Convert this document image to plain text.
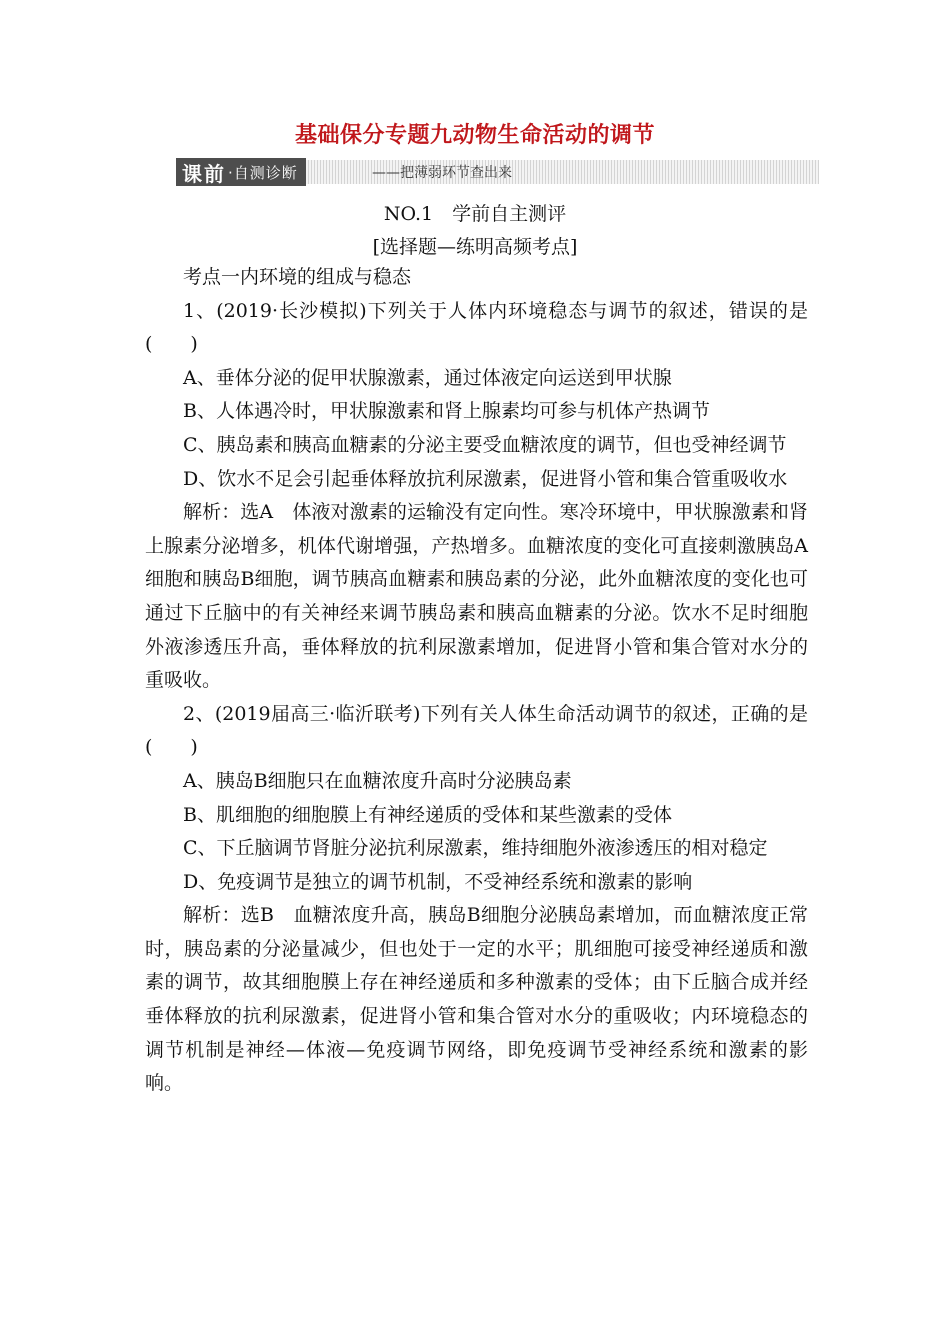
基础保分专题九动物生命活动的调节
课前 ·自测诊断	——把薄弱环节查出来
NO.1　学前自主测评
[选择题—练明高频考点]

考点一内环境的组成与稳态

1、(2019·长沙模拟)下列关于人体内环境稳态与调节的叙述，错误的是(　　)

A、垂体分泌的促甲状腺激素，通过体液定向运送到甲状腺

B、人体遇冷时，甲状腺激素和肾上腺素均可参与机体产热调节

C、胰岛素和胰高血糖素的分泌主要受血糖浓度的调节，但也受神经调节

D、饮水不足会引起垂体释放抗利尿激素，促进肾小管和集合管重吸收水

解析：选A　体液对激素的运输没有定向性。寒冷环境中，甲状腺激素和肾上腺素分泌增多，机体代谢增强，产热增多。血糖浓度的变化可直接刺激胰岛A细胞和胰岛B细胞，调节胰高血糖素和胰岛素的分泌，此外血糖浓度的变化也可通过下丘脑中的有关神经来调节胰岛素和胰高血糖素的分泌。饮水不足时细胞外液渗透压升高，垂体释放的抗利尿激素增加，促进肾小管和集合管对水分的重吸收。

2、(2019届高三·临沂联考)下列有关人体生命活动调节的叙述，正确的是(　　)

A、胰岛B细胞只在血糖浓度升高时分泌胰岛素

B、肌细胞的细胞膜上有神经递质的受体和某些激素的受体

C、下丘脑调节肾脏分泌抗利尿激素，维持细胞外液渗透压的相对稳定

D、免疫调节是独立的调节机制，不受神经系统和激素的影响

解析：选B　血糖浓度升高，胰岛B细胞分泌胰岛素增加，而血糖浓度正常时，胰岛素的分泌量减少，但也处于一定的水平；肌细胞可接受神经递质和激素的调节，故其细胞膜上存在神经递质和多种激素的受体；由下丘脑合成并经垂体释放的抗利尿激素，促进肾小管和集合管对水分的重吸收；内环境稳态的调节机制是神经—体液—免疫调节网络，即免疫调节受神经系统和激素的影响。
